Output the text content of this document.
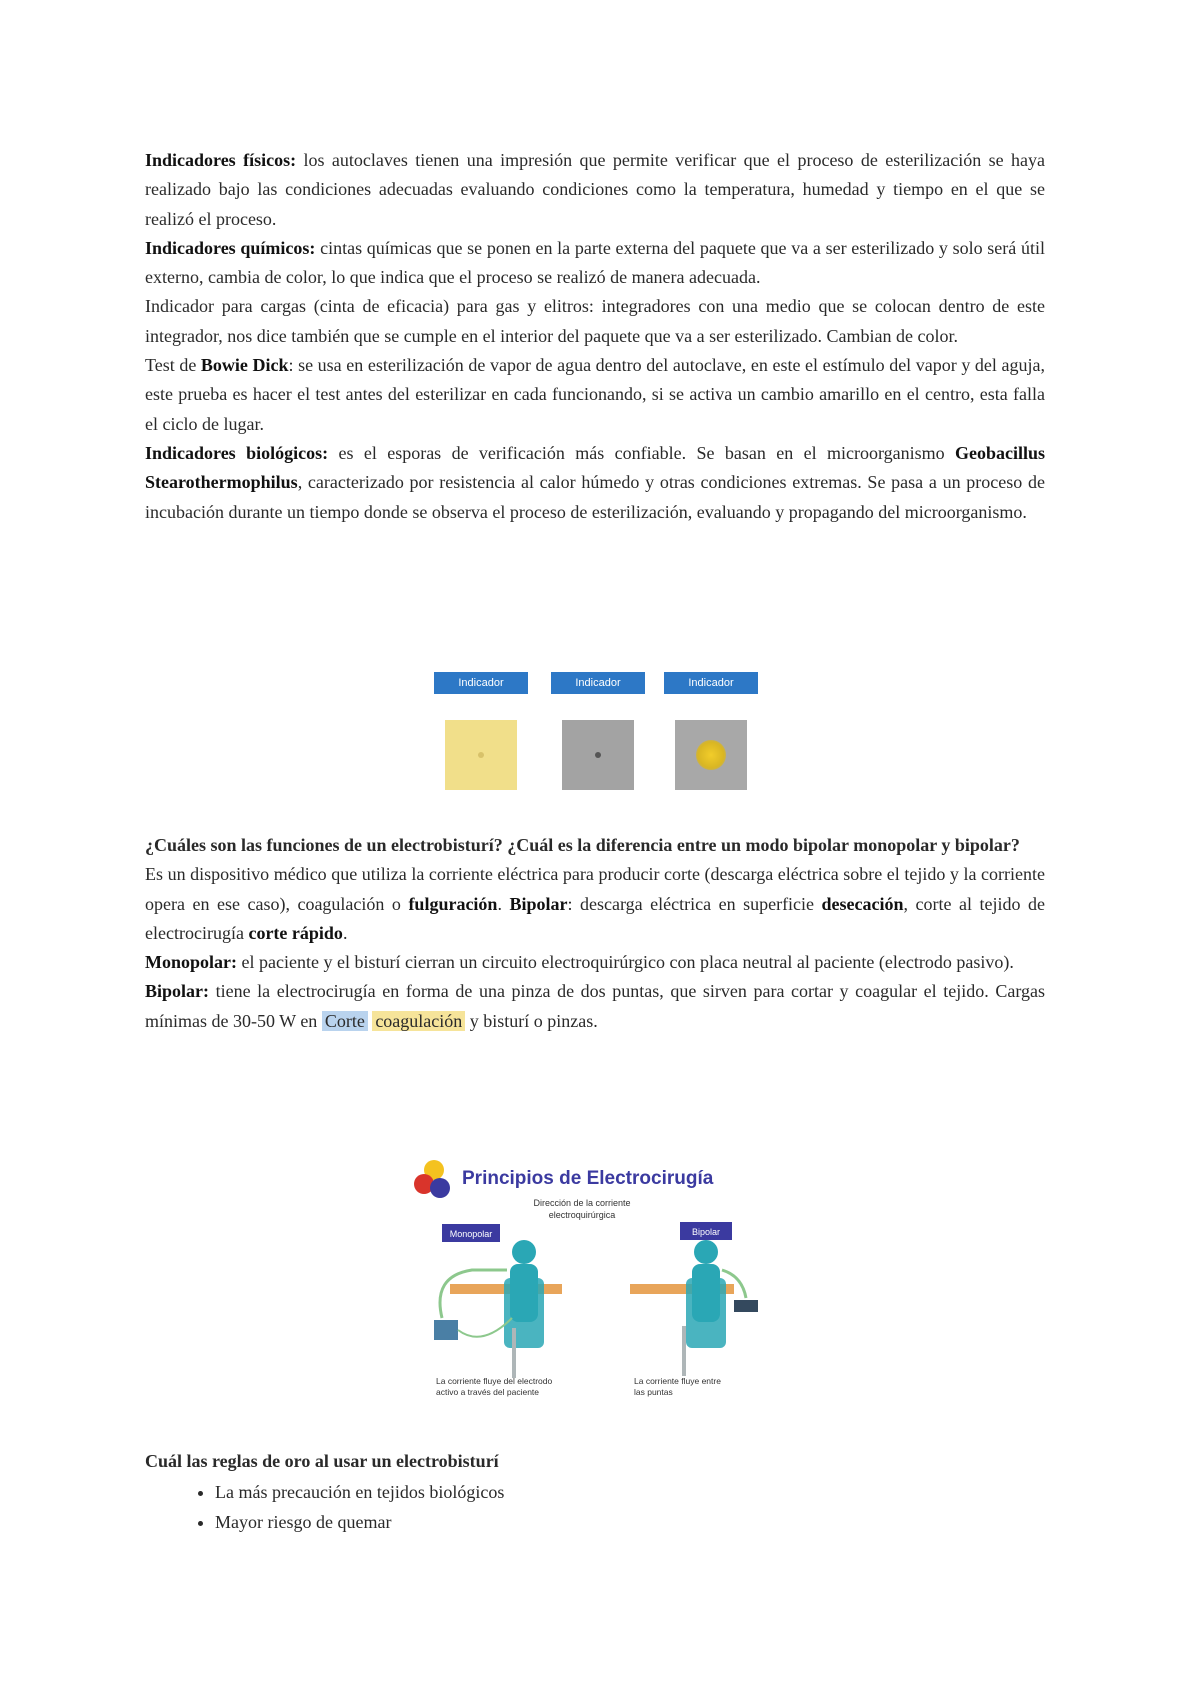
Indicadores físicos: los autoclaves tienen una impresión que permite verificar que el proceso de esterilización se haya realizado bajo las condiciones adecuadas evaluando condiciones como la temperatura, humedad y tiempo en el que se realizó el proceso.

Indicadores químicos: cintas químicas que se ponen en la parte externa del paquete que va a ser esterilizado y solo será útil externo, cambia de color, lo que indica que el proceso se realizó de manera adecuada.

Indicador para cargas (cinta de eficacia) para gas y elitros: integradores con una medio que se colocan dentro de este integrador, nos dice también que se cumple en el interior del paquete que va a ser esterilizado. Cambian de color.

Test de Bowie Dick: se usa en esterilización de vapor de agua dentro del autoclave, en este el estímulo del vapor y del aguja, este prueba es hacer el test antes del esterilizar en cada funcionando, si se activa un cambio amarillo en el centro, esta falla el ciclo de lugar.

Indicadores biológicos: es el esporas de verificación más confiable. Se basan en el microorganismo Geobacillus Stearothermophilus, caracterizado por resistencia al calor húmedo y otras condiciones extremas. Se pasa a un proceso de incubación durante un tiempo donde se observa el proceso de esterilización, evaluando y propagando del microorganismo.

Indicador	Indicador	Indicador

¿Cuáles son las funciones de un electrobisturí? ¿Cuál es la diferencia entre un modo bipolar monopolar y bipolar?

Es un dispositivo médico que utiliza la corriente eléctrica para producir corte (descarga eléctrica sobre el tejido y la corriente opera en ese caso), coagulación o fulguración. Bipolar: descarga eléctrica en superficie desecación, corte al tejido de electrocirugía corte rápido.

Monopolar: el paciente y el bisturí cierran un circuito electroquirúrgico con placa neutral al paciente (electrodo pasivo).

Bipolar: tiene la electrocirugía en forma de una pinza de dos puntas, que sirven para cortar y coagular el tejido. Cargas mínimas de 30-50 W en Corte coagulación y bisturí o pinzas.

Principios de Electrocirugía
Dirección de la corriente
electroquirúrgica
Monopolar	Bipolar
La corriente fluye del electrodo
activo a través del paciente
La corriente fluye entre
las puntas

Cuál las reglas de oro al usar un electrobisturí

• La más precaución en tejidos biológicos
• Mayor riesgo de quemar
